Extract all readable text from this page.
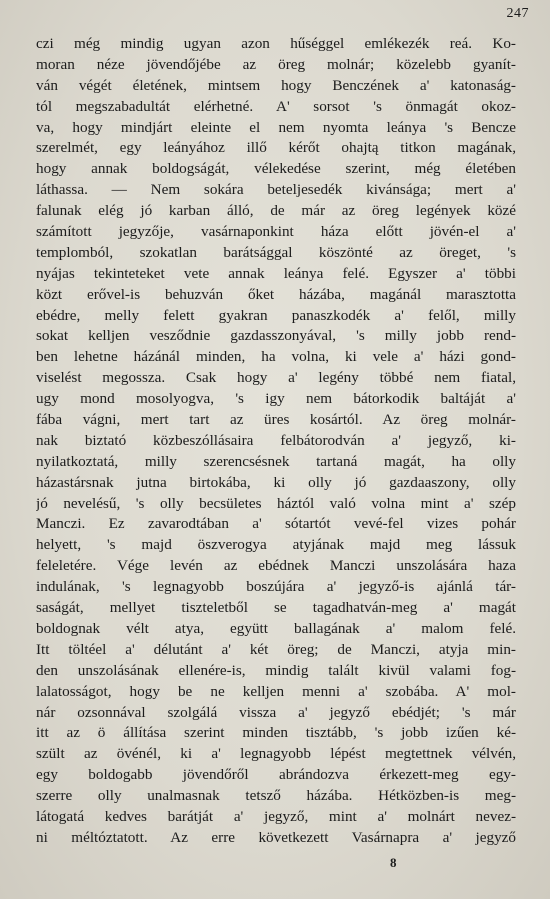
247
czi még mindig ugyan azon hűséggel emlékezék reá. Ko-
moran néze jövendőjébe az öreg molnár; közelebb gyanít-
ván végét életének, mintsem hogy Benczének a' katonaság-
tól megszabadultát elérhetné. A' sorsot 's önmagát okoz-
va, hogy mindjárt eleinte el nem nyomta leánya 's Bencze
szerelmét, egy leányához illő kérőt ohajtą titkon magának,
hogy annak boldogságát, vélekedése szerint, még életében
láthassa. — Nem sokára beteljesedék kivánsága; mert a'
falunak elég jó karban álló, de már az öreg legények közé
számított jegyzője, vasárnaponkint háza előtt jövén-el a'
templomból, szokatlan barátsággal köszönté az öreget, 's
nyájas tekinteteket vete annak leánya felé. Egyszer a' többi
közt erővel-is behuzván őket házába, magánál marasztotta
ebédre, melly felett gyakran panaszkodék a' felől, milly
sokat kelljen vesződnie gazdasszonyával, 's milly jobb rend-
ben lehetne házánál minden, ha volna, ki vele a' házi gond-
viselést megossza. Csak hogy a' legény többé nem fiatal,
ugy mond mosolyogva, 's igy nem bátorkodik baltáját a'
fába vágni, mert tart az üres kosártól. Az öreg molnár-
nak biztató közbeszóllásaira felbátorodván a' jegyző, ki-
nyilatkoztatá, milly szerencsésnek tartaná magát, ha olly
házastársnak jutna birtokába, ki olly jó gazdaaszony, olly
jó nevelésű, 's olly becsületes háztól való volna mint a' szép
Manczi. Ez zavarodtában a' sótartót vevé-fel vizes pohár
helyett, 's majd öszverogya atyjának majd meg lássuk
feleletére. Vége levén az ebédnek Manczi unszolására haza
indulának, 's legnagyobb boszújára a' jegyző-is ajánlá tár-
saságát, mellyet tiszteletből se tagadhatván-meg a' magát
boldognak vélt atya, együtt ballagának a' malom felé.
Itt töltéel a' délutánt a' két öreg; de Manczi, atyja min-
den unszolásának ellenére-is, mindig talált kivül valami fog-
lalatosságot, hogy be ne kelljen menni a' szobába. A' mol-
nár ozsonnával szolgálá vissza a' jegyző ebédjét; 's már
itt az ö állítása szerint minden tisztább, 's jobb izűen ké-
szült az övénél, ki a' legnagyobb lépést megtettnek vélvén,
egy boldogabb jövendőről abrándozva érkezett-meg egy-
szerre olly unalmasnak tetsző házába. Hétközben-is meg-
látogatá kedves barátját a' jegyző, mint a' molnárt nevez-
ni méltóztatott. Az erre következett Vasárnapra a' jegyző
8
